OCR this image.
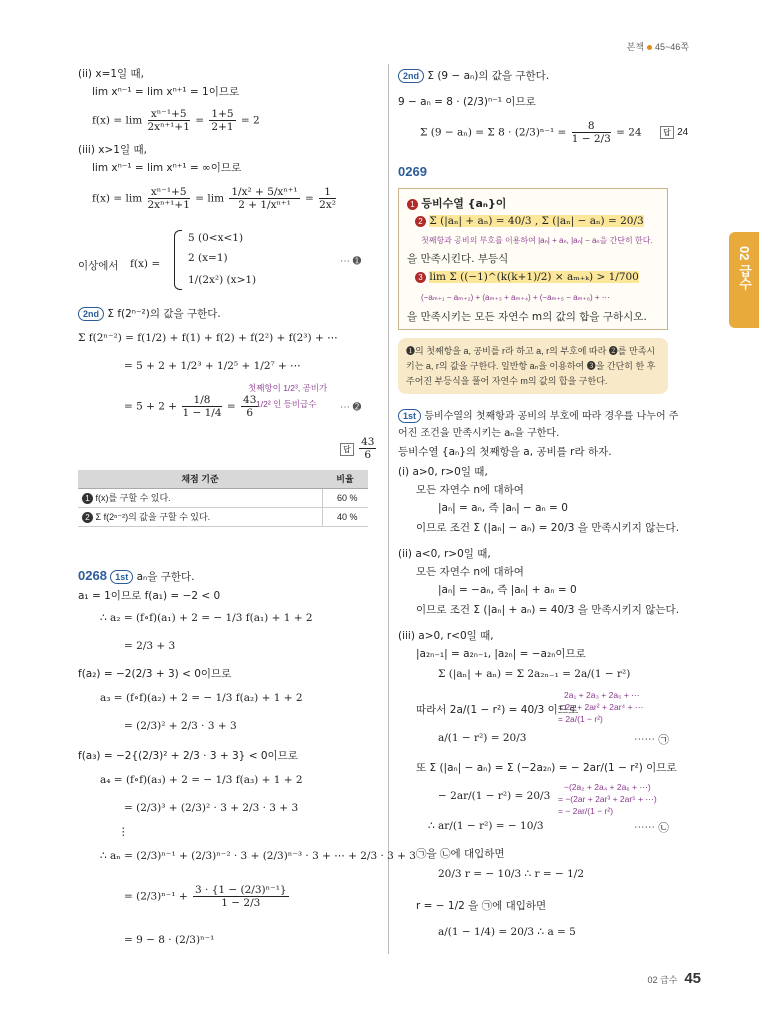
본책 45~46쪽
02 급수
(ii) x=1일 때,
lim xⁿ⁻¹ = lim xⁿ⁺¹ = 1이므로
$f(x) = \lim \frac{\text{xⁿ⁻¹+5}}{\text{2xⁿ⁺¹+1}} = \frac{1+5}{2+1} = 2$
(iii) x>1일 때,
lim xⁿ⁻¹ = lim xⁿ⁺¹ = ∞이므로
$f(x) = \lim \frac{\text{xⁿ⁻¹+5}}{\text{2xⁿ⁺¹+1}} = \lim \frac{\text{1/x² + 5/xⁿ⁺¹}}{\text{2 + 1/xⁿ⁺¹}} = \frac{1}{\text{2x²}}$
이상에서 f(x) =
5 (0<x<1)
2 (x=1)
1/(2x²) (x>1)
⋯ ➊
2nd Σ f(2ⁿ⁻²)의 값을 구한다.
Σ f(2ⁿ⁻²) = f(1/2) + f(1) + f(2) + f(2²) + f(2³) + ⋯
= 5 + 2 + 1/2³ + 1/2⁵ + 1/2⁷ + ⋯
첫째항이 1/2³, 공비가
1/2² 인 등비급수
= $5 + 2 + \frac{1/8}{1 - 1/4} = \frac{43}{6}$	⋯ ➋
답 $\frac{43}{6}$
채점 기준	비율
1 f(x)를 구할 수 있다.	60 %
2 Σ f(2ⁿ⁻²)의 값을 구할 수 있다.	40 %
0268 1st aₙ을 구한다.
a₁ = 1이므로 f(a₁) = −2 < 0
∴ a₂ = (f∘f)(a₁) + 2 = − 1/3 f(a₁) + 1 + 2
= 2/3 + 3
f(a₂) = −2(2/3 + 3) < 0이므로
a₃ = (f∘f)(a₂) + 2 = − 1/3 f(a₂) + 1 + 2
= (2/3)² + 2/3 · 3 + 3
f(a₃) = −2{(2/3)² + 2/3 · 3 + 3} < 0이므로
a₄ = (f∘f)(a₃) + 2 = − 1/3 f(a₃) + 1 + 2
= (2/3)³ + (2/3)² · 3 + 2/3 · 3 + 3
⋮
∴ aₙ = (2/3)ⁿ⁻¹ + (2/3)ⁿ⁻² · 3 + (2/3)ⁿ⁻³ · 3 + ⋯ + 2/3 · 3 + 3
= $(2/3)^{n-1} + \frac{\text{3 · \{1 − (2/3)ⁿ⁻¹\}}}{1 - 2/3}$
= 9 − 8 · (2/3)ⁿ⁻¹
2nd Σ (9 − aₙ)의 값을 구한다.
9 − aₙ = 8 · (2/3)ⁿ⁻¹ 이므로
Σ (9 − aₙ) = Σ $8 \cdot (2/3)^{n-1} = \frac{8}{1 - 2/3} = 24$	답 24
0269
1 등비수열 {aₙ}이
2 Σ (|aₙ| + aₙ) = 40/3 , Σ (|aₙ| − aₙ) = 20/3
첫째항과 공비의 부호를 이용하여 |aₙ| + aₙ, |aₙ| − aₙ을 간단히 한다.
을 만족시킨다. 부등식
3 lim Σ ((−1)^(k(k+1)/2) × aₘ₊ₖ) > 1/700
(−aₘ₊₁ − aₘ₊₂) + (aₘ₊₃ + aₘ₊₄) + (−aₘ₊₅ − aₘ₊₆) + ⋯
을 만족시키는 모든 자연수 m의 값의 합을 구하시오.
❶의 첫째항을 a, 공비를 r라 하고 a, r의 부호에 따라 ❷를 만족시키는 a, r의 값을 구한다. 일반항 aₙ을 이용하여 ❸을 간단히 한 후 주어진 부등식을 풀어 자연수 m의 값의 합을 구한다.
1st 등비수열의 첫째항과 공비의 부호에 따라 경우를 나누어 주어진 조건을 만족시키는 aₙ을 구한다.
등비수열 {aₙ}의 첫째항을 a, 공비를 r라 하자.
(i) a>0, r>0일 때,
모든 자연수 n에 대하여
|aₙ| = aₙ, 즉 |aₙ| − aₙ = 0
이므로 조건 Σ (|aₙ| − aₙ) = 20/3 을 만족시키지 않는다.
(ii) a<0, r>0일 때,
모든 자연수 n에 대하여
|aₙ| = −aₙ, 즉 |aₙ| + aₙ = 0
이므로 조건 Σ (|aₙ| + aₙ) = 40/3 을 만족시키지 않는다.
(iii) a>0, r<0일 때,
|a₂ₙ₋₁| = a₂ₙ₋₁, |a₂ₙ| = −a₂ₙ이므로
Σ (|aₙ| + aₙ) = Σ 2a₂ₙ₋₁ = 2a/(1 − r²)
2a₁ + 2a₃ + 2a₅ + ⋯
= 2a + 2ar² + 2ar⁴ + ⋯
= 2a/(1 − r²)
따라서 2a/(1 − r²) = 40/3 이므로
a/(1 − r²) = 20/3	⋯⋯ ㉠
또 Σ (|aₙ| − aₙ) = Σ (−2a₂ₙ) = − 2ar/(1 − r²) 이므로
−(2a₂ + 2a₄ + 2a₆ + ⋯)
= −(2ar + 2ar³ + 2ar⁵ + ⋯)
= − 2ar/(1 − r²)
− 2ar/(1 − r²) = 20/3
∴ ar/(1 − r²) = − 10/3	⋯⋯ ㉡
㉠을 ㉡에 대입하면
20/3 r = − 10/3 ∴ r = − 1/2
r = − 1/2 을 ㉠에 대입하면
a/(1 − 1/4) = 20/3 ∴ a = 5
02 급수 45
